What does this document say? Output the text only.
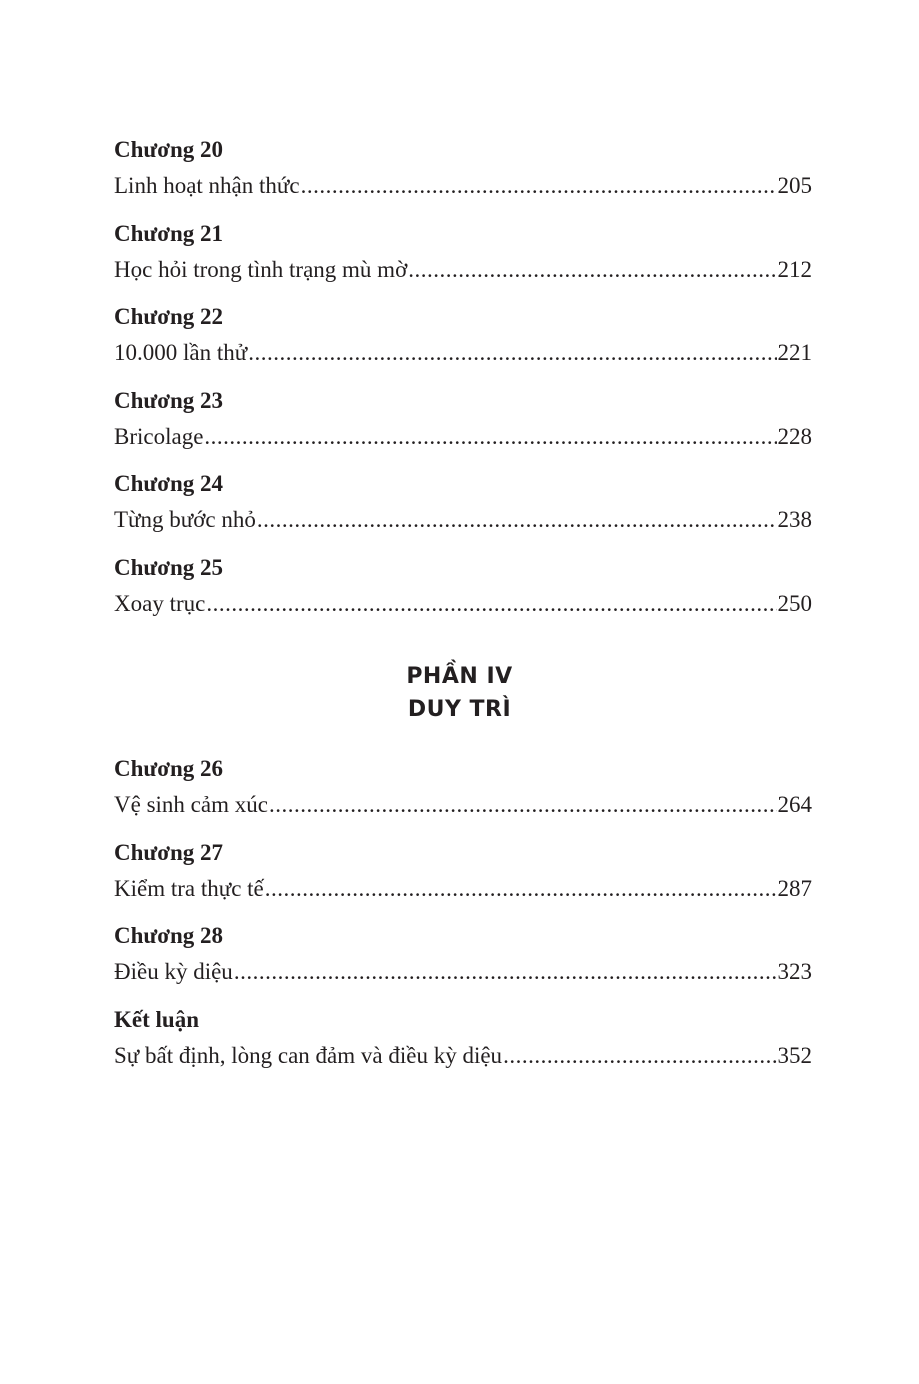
Chương 20
Linh hoạt nhận thức .....	205
Chương 21
Học hỏi trong tình trạng mù mờ .....	212
Chương 22
10.000 lần thử .....	221
Chương 23
Bricolage .....	228
Chương 24
Từng bước nhỏ .....	238
Chương 25
Xoay trục .....	250
PHẦN IV
DUY TRÌ
Chương 26
Vệ sinh cảm xúc .....	264
Chương 27
Kiểm tra thực tế .....	287
Chương 28
Điều kỳ diệu .....	323
Kết luận
Sự bất định, lòng can đảm và điều kỳ diệu .....	352
